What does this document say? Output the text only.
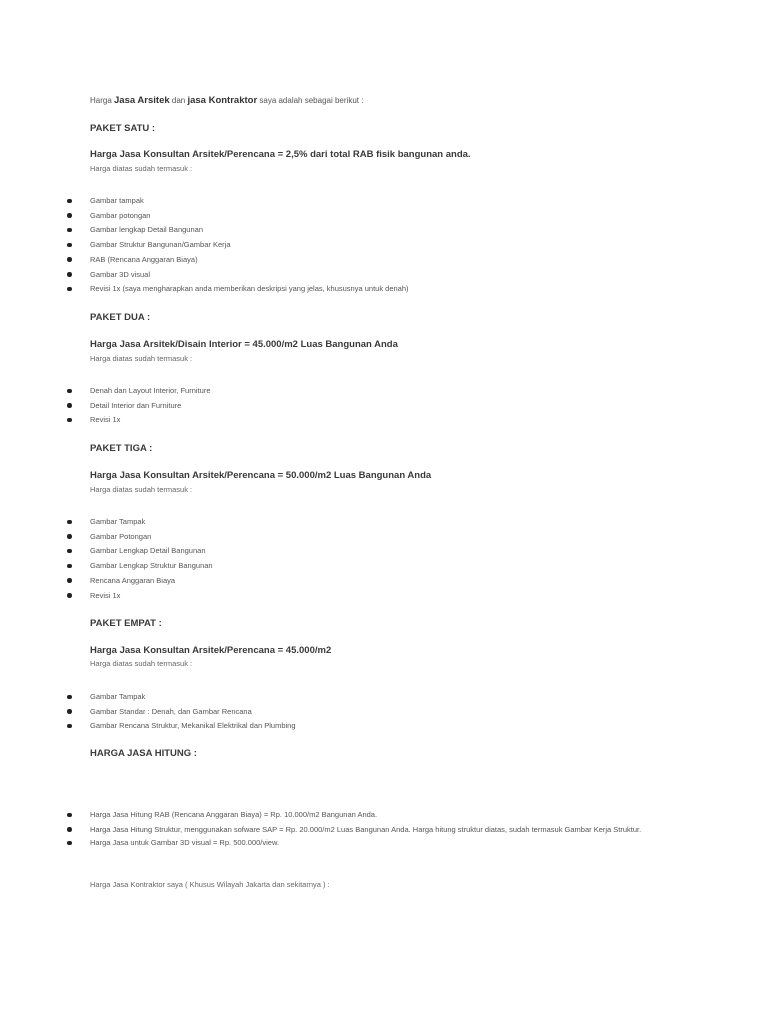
Harga Jasa Arsitek dan jasa Kontraktor saya adalah sebagai berikut :
PAKET SATU :
Harga Jasa Konsultan Arsitek/Perencana = 2,5% dari total RAB fisik bangunan anda.
Harga diatas sudah termasuk :
Gambar tampak
Gambar potongan
Gambar lengkap Detail Bangunan
Gambar Struktur Bangunan/Gambar Kerja
RAB (Rencana Anggaran Biaya)
Gambar 3D visual
Revisi 1x (saya mengharapkan anda memberikan deskripsi yang jelas, khususnya untuk denah)
PAKET DUA :
Harga Jasa Arsitek/Disain Interior = 45.000/m2 Luas Bangunan Anda
Harga diatas sudah termasuk :
Denah dan Layout Interior, Furniture
Detail Interior dan Furniture
Revisi 1x
PAKET TIGA :
Harga Jasa Konsultan Arsitek/Perencana = 50.000/m2 Luas Bangunan Anda
Harga diatas sudah termasuk :
Gambar Tampak
Gambar Potongan
Gambar Lengkap Detail Bangunan
Gambar Lengkap Struktur Bangunan
Rencana Anggaran Biaya
Revisi 1x
PAKET EMPAT :
Harga Jasa Konsultan Arsitek/Perencana = 45.000/m2
Harga diatas sudah termasuk :
Gambar Tampak
Gambar Standar : Denah, dan Gambar Rencana
Gambar Rencana Struktur, Mekanikal Elektrikal dan Plumbing
HARGA JASA HITUNG :
Harga Jasa Hitung RAB (Rencana Anggaran Biaya) = Rp. 10.000/m2 Bangunan Anda.
Harga Jasa Hitung Struktur, menggunakan sofware SAP = Rp. 20.000/m2 Luas Bangunan Anda. Harga hitung struktur diatas, sudah termasuk Gambar Kerja Struktur.
Harga Jasa untuk Gambar 3D visual = Rp. 500.000/view.
Harga Jasa Kontraktor saya ( Khusus Wilayah Jakarta dan sekitarnya ) :
